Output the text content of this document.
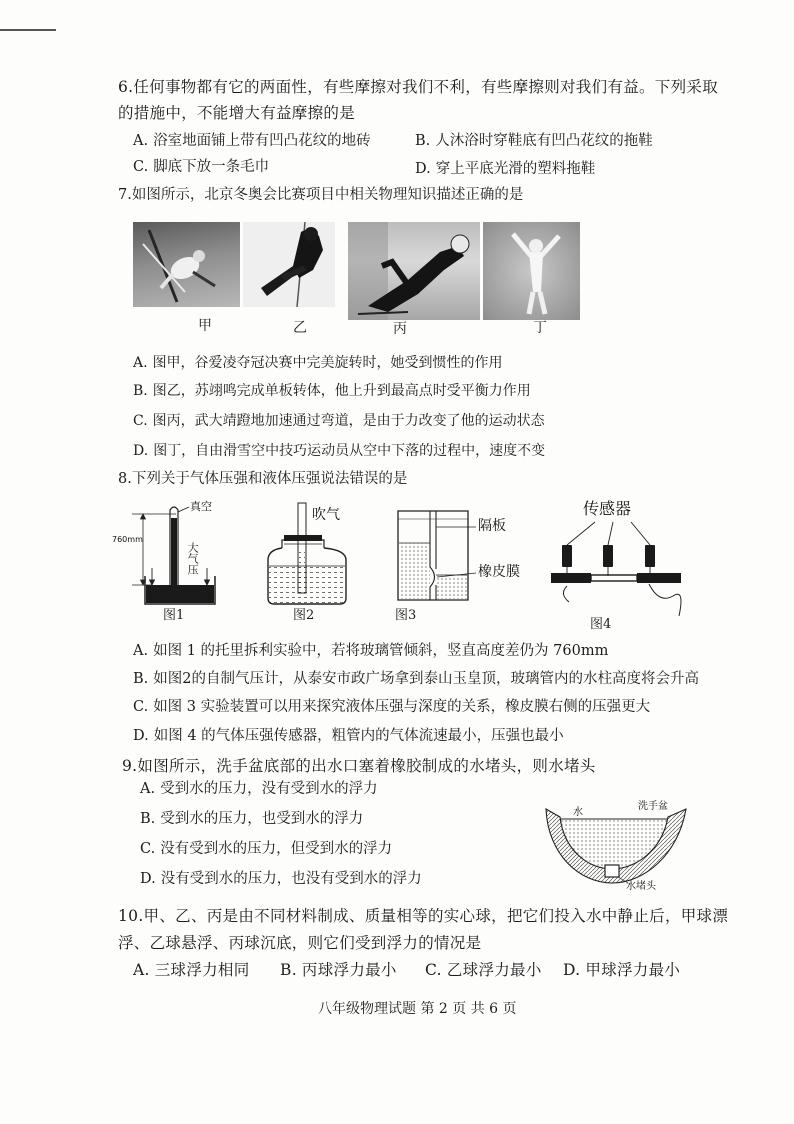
6.任何事物都有它的两面性，有些摩擦对我们不利，有些摩擦则对我们有益。下列采取
的措施中，不能增大有益摩擦的是
A. 浴室地面铺上带有凹凸花纹的地砖	B. 人沐浴时穿鞋底有凹凸花纹的拖鞋
C. 脚底下放一条毛巾	D. 穿上平底光滑的塑料拖鞋
7.如图所示，北京冬奥会比赛项目中相关物理知识描述正确的是
甲	乙	丙	丁
A. 图甲，谷爱凌夺冠决赛中完美旋转时，她受到惯性的作用
B. 图乙，苏翊鸣完成单板转体，他上升到最高点时受平衡力作用
C. 图丙，武大靖蹬地加速通过弯道，是由于力改变了他的运动状态
D. 图丁，自由滑雪空中技巧运动员从空中下落的过程中，速度不变
8.下列关于气体压强和液体压强说法错误的是
真空
760mm
大气压
图1
吹气
图2
隔板
橡皮膜
图3
传感器
图4
A. 如图 1 的托里拆利实验中，若将玻璃管倾斜，竖直高度差仍为 760mm
B. 如图2的自制气压计，从泰安市政广场拿到泰山玉皇顶，玻璃管内的水柱高度将会升高
C. 如图 3 实验装置可以用来探究液体压强与深度的关系，橡皮膜右侧的压强更大
D. 如图 4 的气体压强传感器，粗管内的气体流速最小，压强也最小
9.如图所示，洗手盆底部的出水口塞着橡胶制成的水堵头，则水堵头
A. 受到水的压力，没有受到水的浮力
B. 受到水的压力，也受到水的浮力
C. 没有受到水的压力，但受到水的浮力
D. 没有受到水的压力，也没有受到水的浮力
洗手盆
水
水堵头
10.甲、乙、丙是由不同材料制成、质量相等的实心球，把它们投入水中静止后，甲球漂
浮、乙球悬浮、丙球沉底，则它们受到浮力的情况是
A. 三球浮力相同 B. 丙球浮力最小 C. 乙球浮力最小 D. 甲球浮力最小
八年级物理试题 第 2 页 共 6 页
